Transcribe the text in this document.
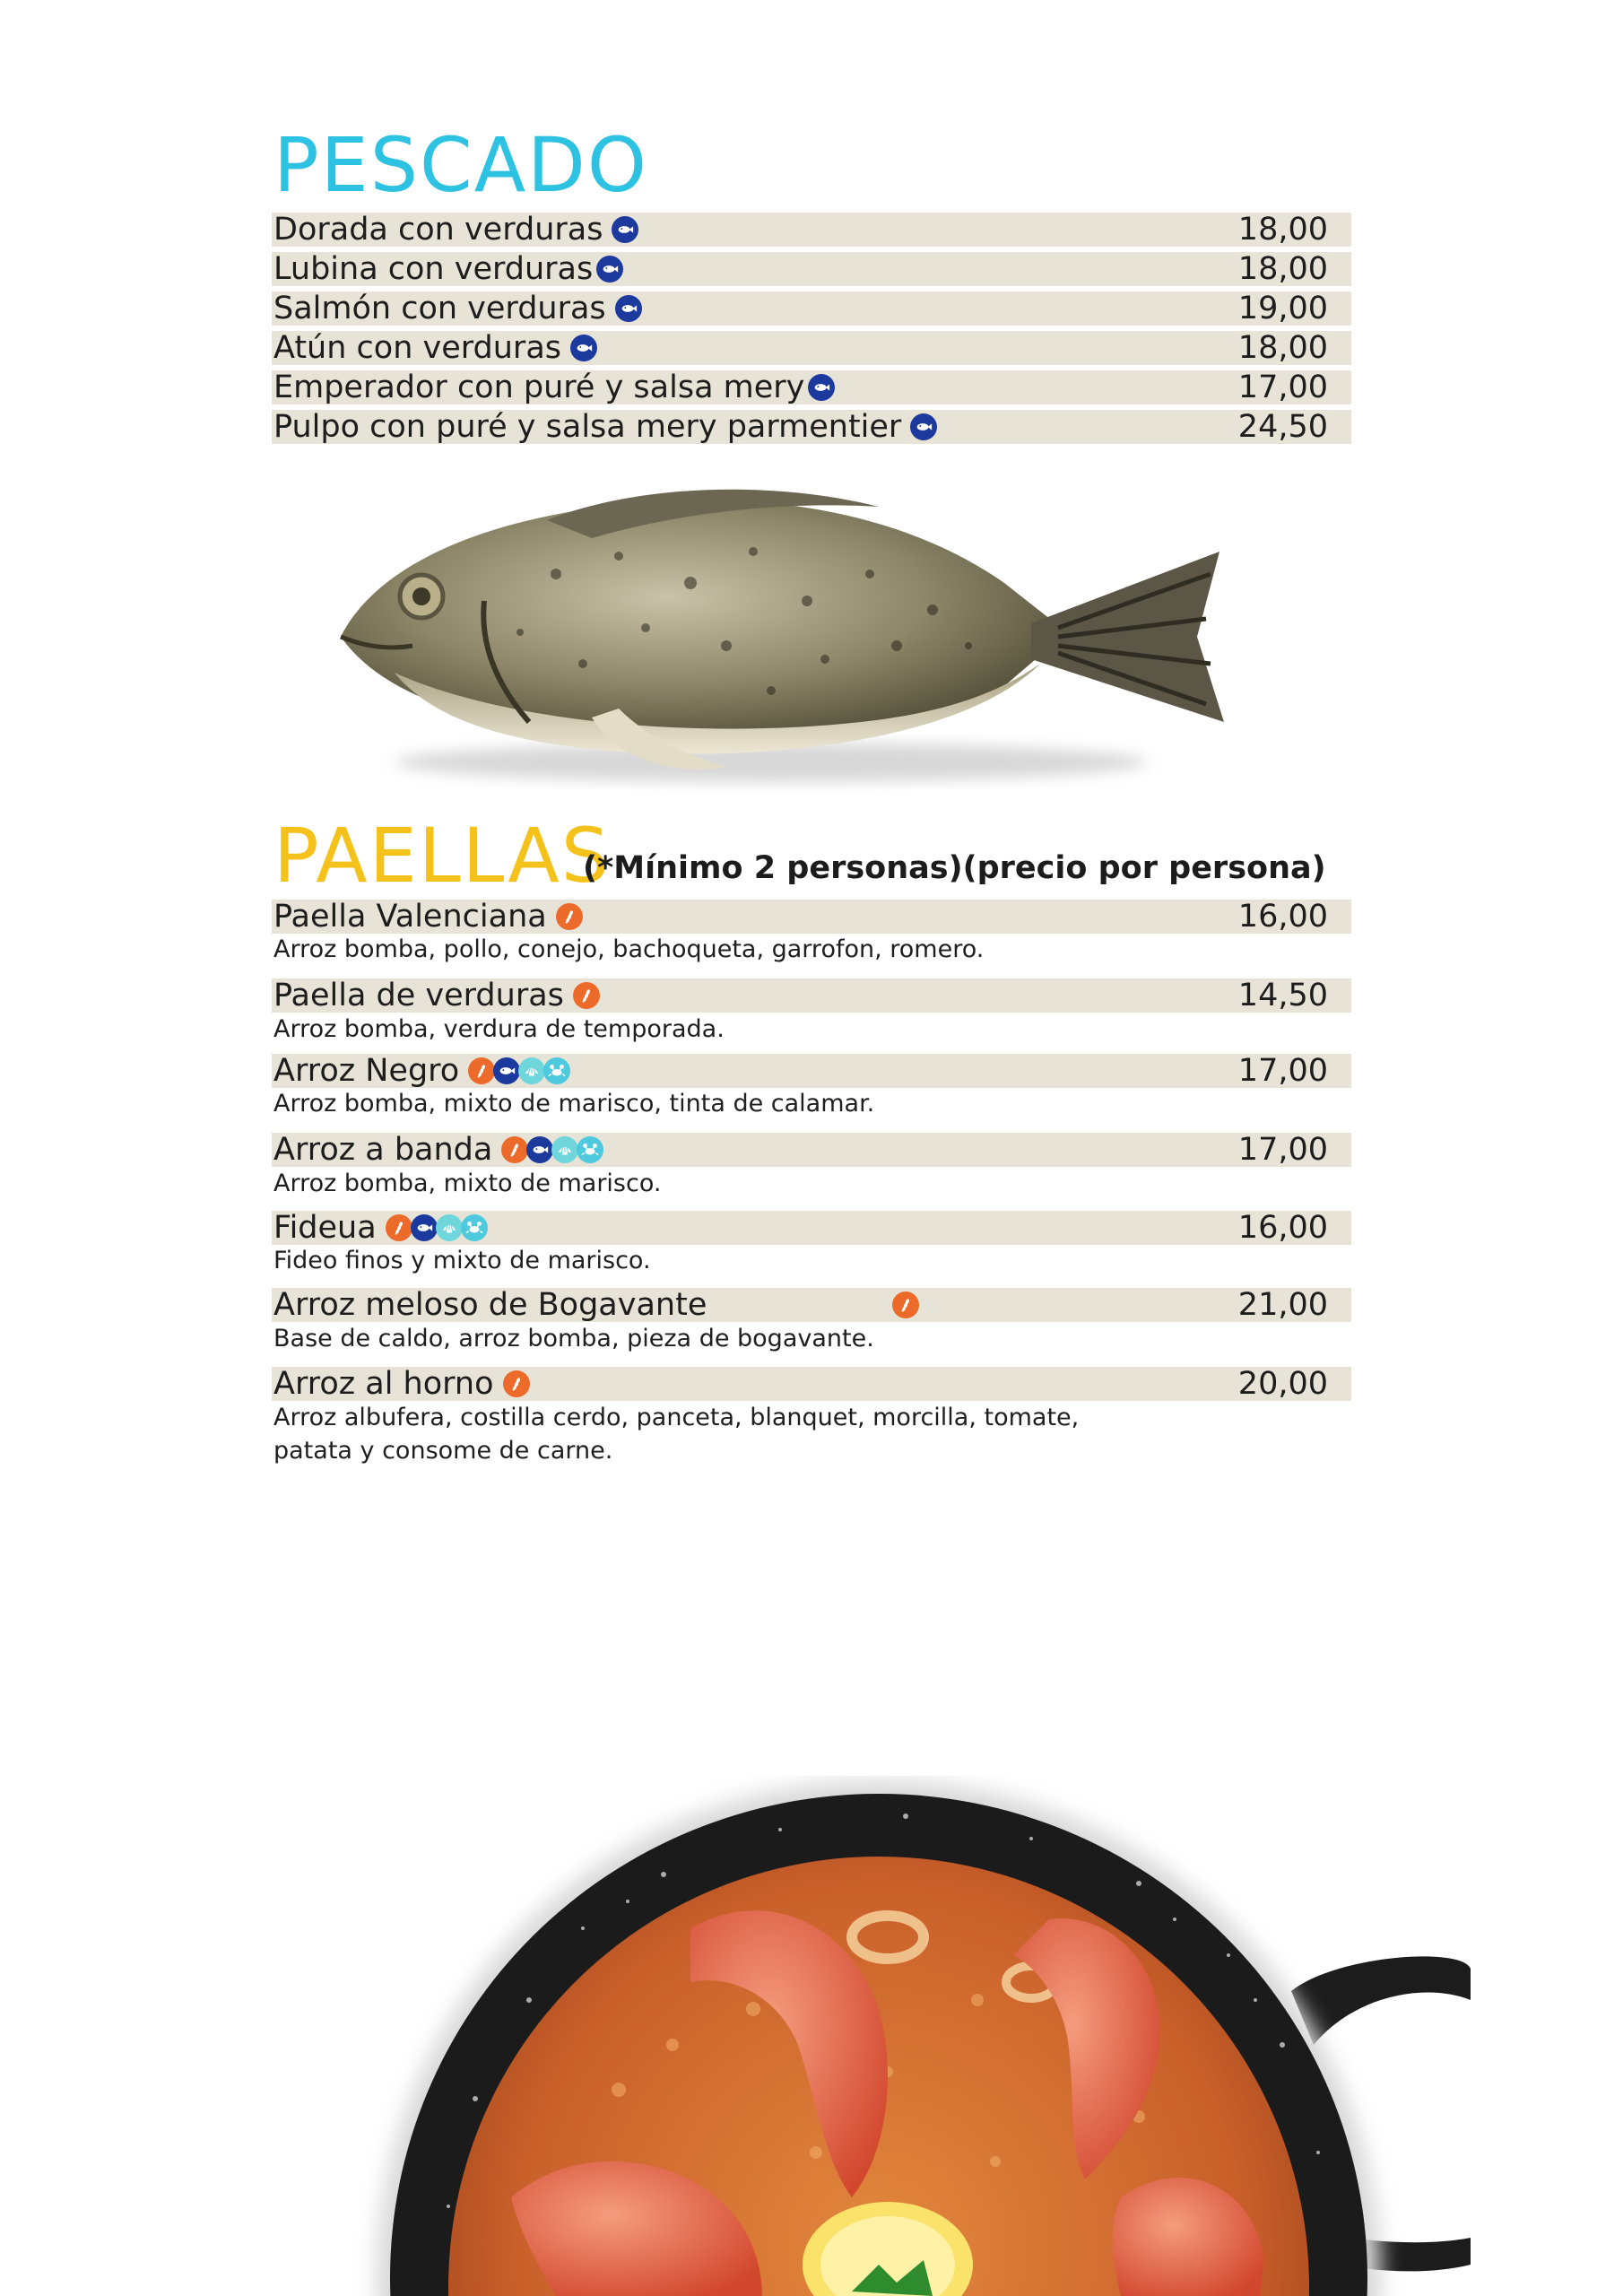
PESCADO
Dorada con verduras	18,00
Lubina con verduras	18,00
Salmón con verduras	19,00
Atún con verduras	18,00
Emperador con puré y salsa mery	17,00
Pulpo con puré y salsa mery parmentier	24,50
PAELLAS
(*Mínimo 2 personas)(precio por persona)
Paella Valenciana	16,00
Arroz bomba, pollo, conejo, bachoqueta, garrofon, romero.
Paella de verduras	14,50
Arroz bomba, verdura de temporada.
Arroz Negro	17,00
Arroz bomba, mixto de marisco, tinta de calamar.
Arroz a banda	17,00
Arroz bomba, mixto de marisco.
Fideua	16,00
Fideo finos y mixto de marisco.
Arroz meloso de Bogavante	21,00
Base de caldo, arroz bomba, pieza de bogavante.
Arroz al horno	20,00
Arroz albufera, costilla cerdo, panceta, blanquet, morcilla, tomate,
patata y consome de carne.
